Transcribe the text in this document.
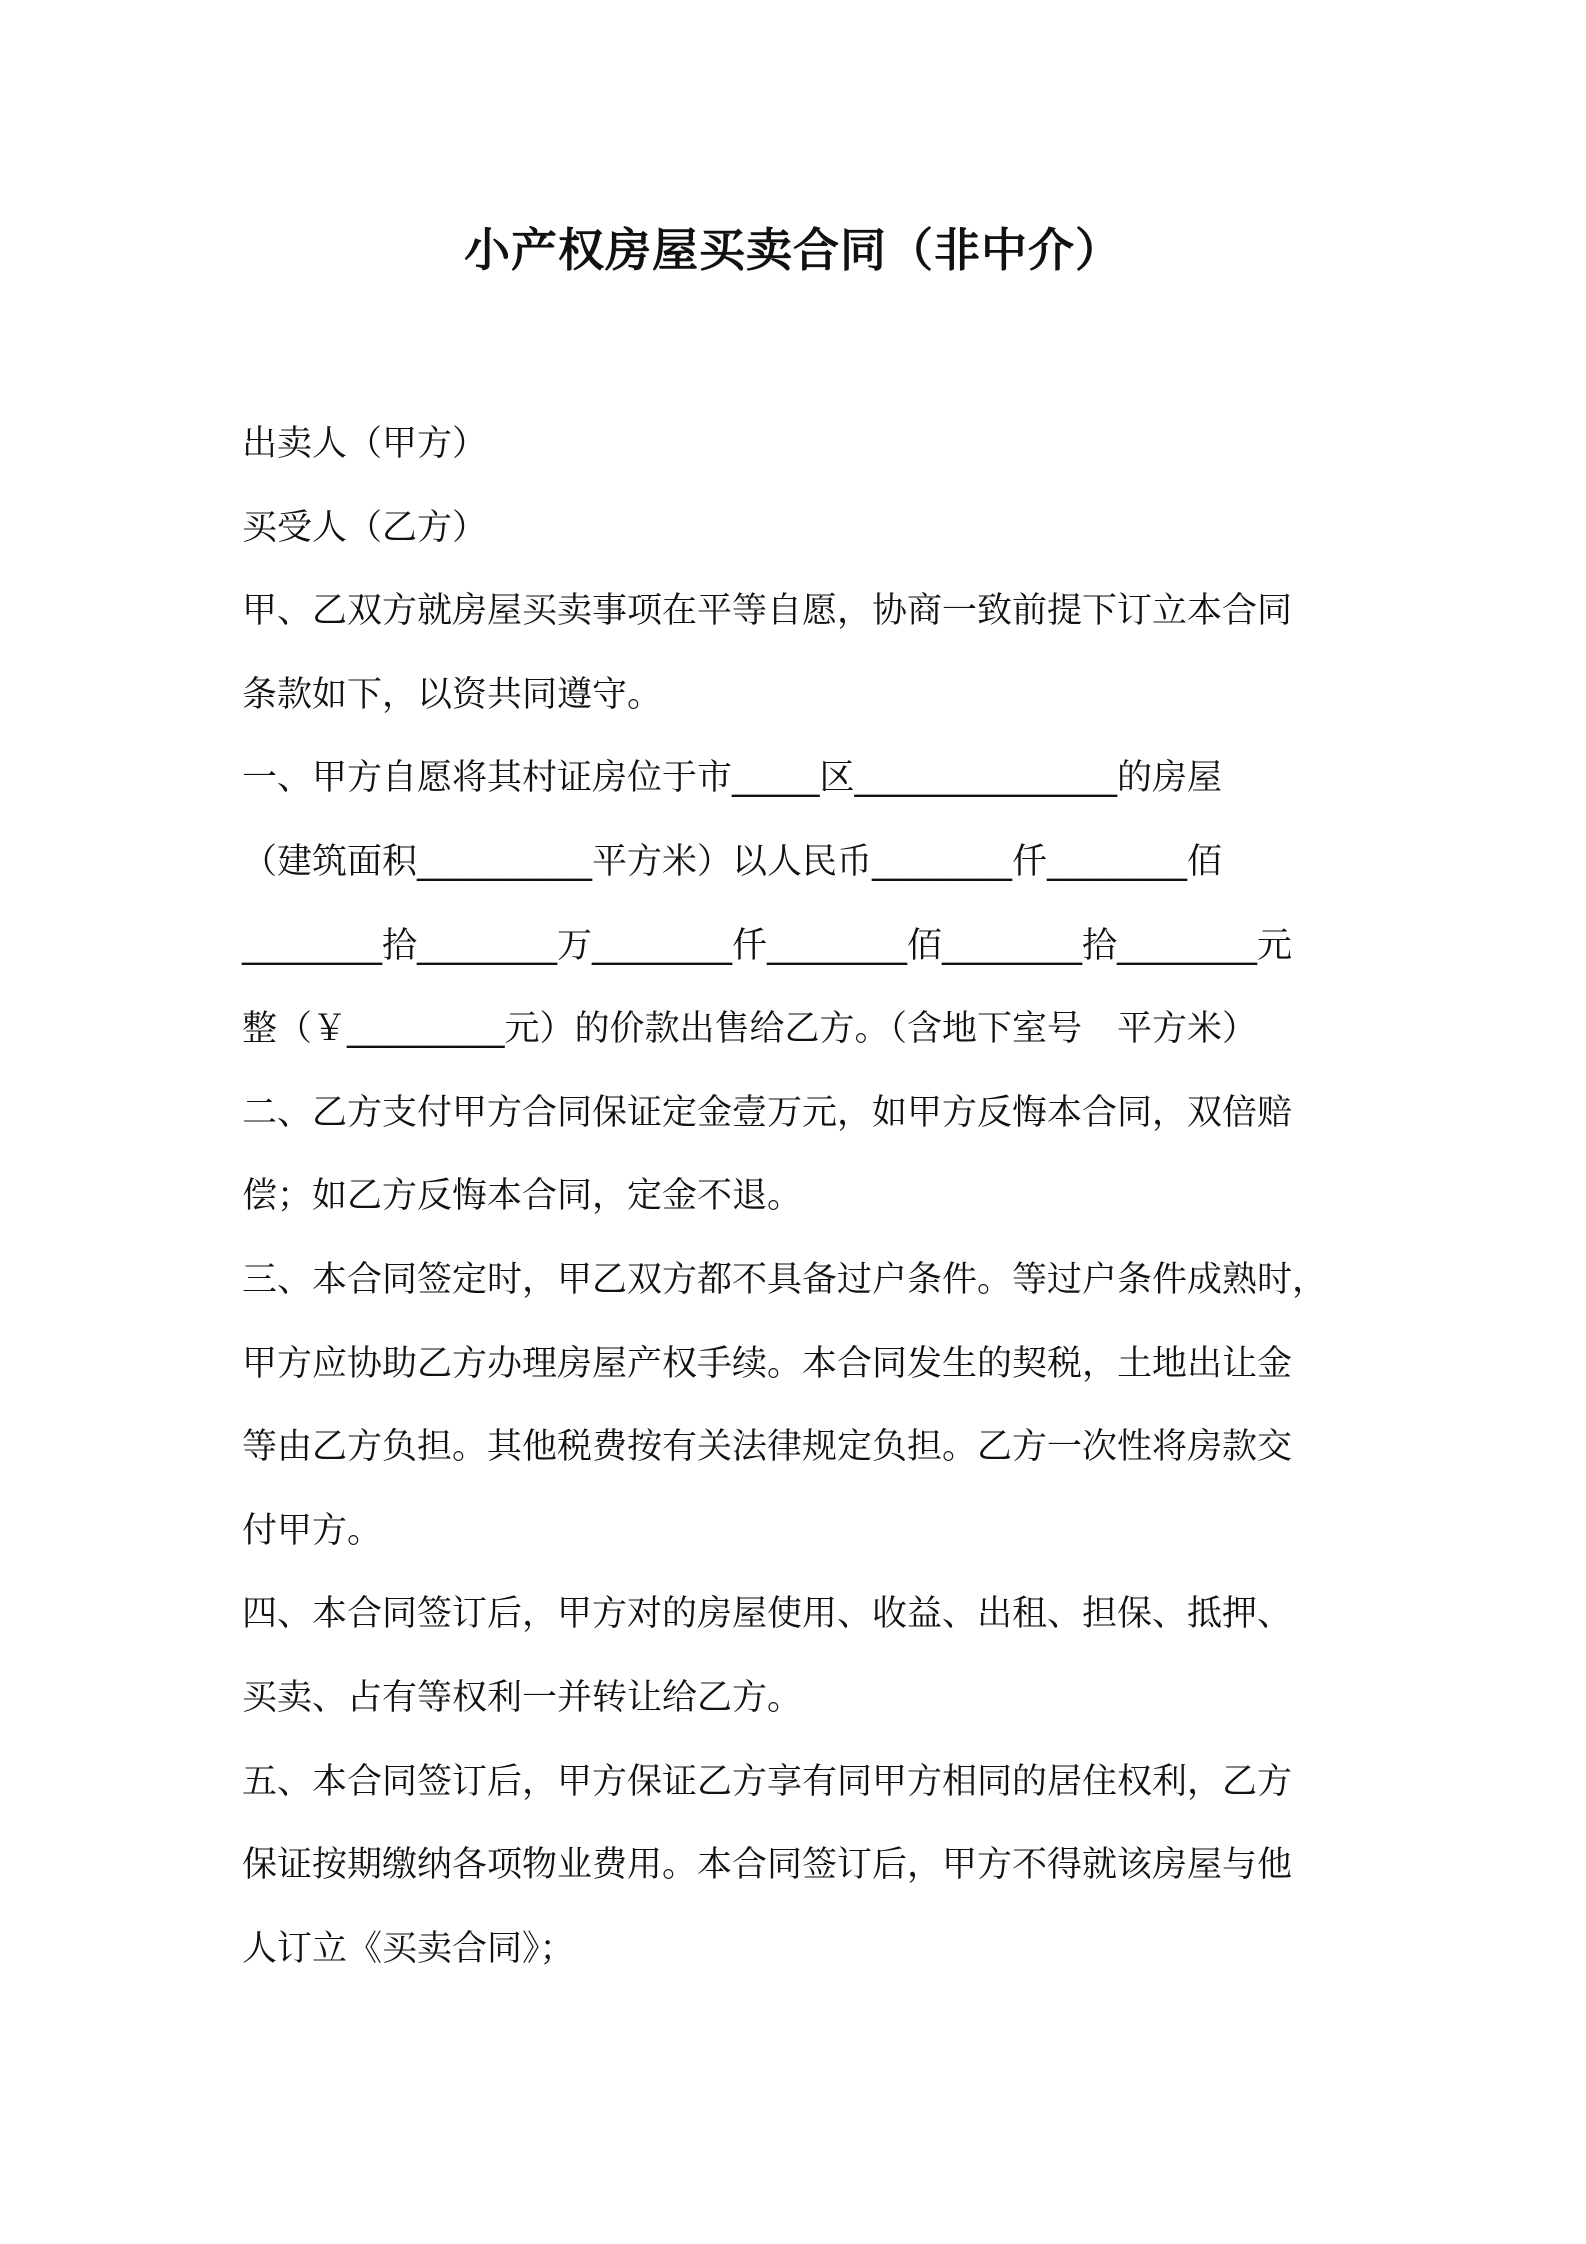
小产权房屋买卖合同（非中介）
出卖人（甲方）
买受人（乙方）
甲、乙双方就房屋买卖事项在平等自愿，协商一致前提下订立本合同
条款如下，以资共同遵守。
一、甲方自愿将其村证房位于市_____区_______________的房屋
（建筑面积__________平方米）以人民币________仟________佰
________拾________万________仟________佰________拾________元
整（￥_________元）的价款出售给乙方。（含地下室号　平方米）
二、乙方支付甲方合同保证定金壹万元，如甲方反悔本合同，双倍赔
偿；如乙方反悔本合同，定金不退。
三、本合同签定时，甲乙双方都不具备过户条件。等过户条件成熟时，
甲方应协助乙方办理房屋产权手续。本合同发生的契税，土地出让金
等由乙方负担。其他税费按有关法律规定负担。乙方一次性将房款交
付甲方。
四、本合同签订后，甲方对的房屋使用、收益、出租、担保、抵押、
买卖、占有等权利一并转让给乙方。
五、本合同签订后，甲方保证乙方享有同甲方相同的居住权利，乙方
保证按期缴纳各项物业费用。本合同签订后，甲方不得就该房屋与他
人订立《买卖合同》；
